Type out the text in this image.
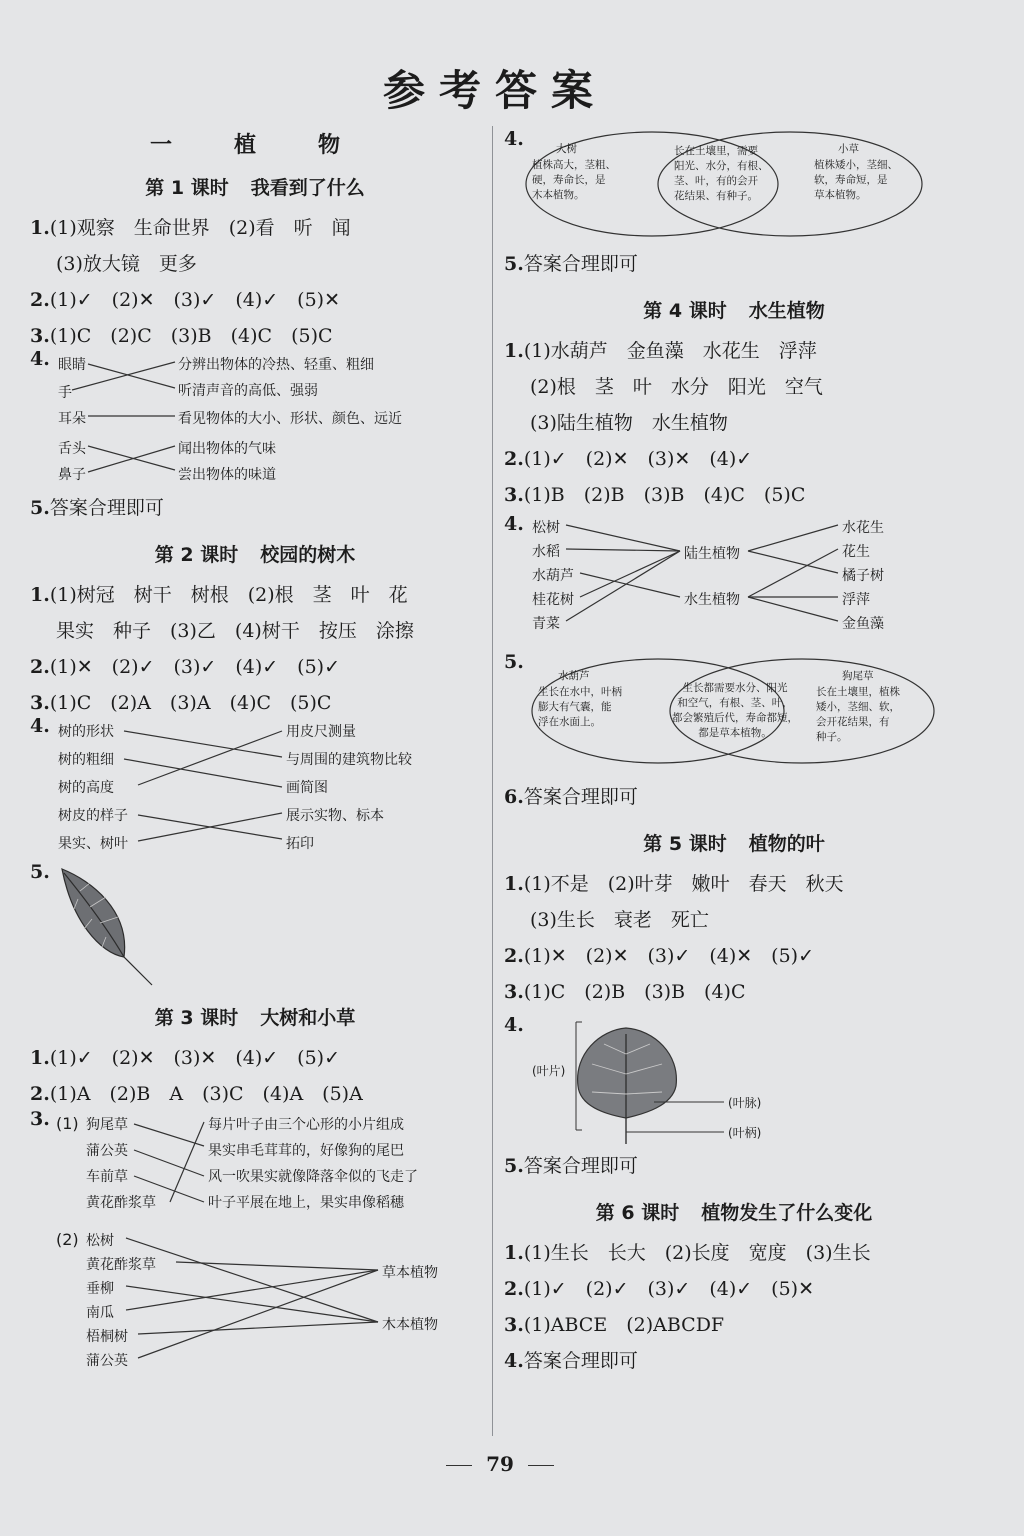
参考答案
一　植　物
第 1 课时 我看到了什么
1.(1)观察　生命世界　(2)看　听　闻
(3)放大镜　更多
2.(1)✓　(2)✕　(3)✓　(4)✓　(5)✕
3.(1)C　(2)C　(3)B　(4)C　(5)C
4. 眼睛
手
耳朵
舌头
鼻子
分辨出物体的冷热、轻重、粗细
听清声音的高低、强弱
看见物体的大小、形状、颜色、远近
闻出物体的气味
尝出物体的味道
5.答案合理即可
第 2 课时 校园的树木
1.(1)树冠　树干　树根　(2)根　茎　叶　花
果实　种子　(3)乙　(4)树干　按压　涂擦
2.(1)✕　(2)✓　(3)✓　(4)✓　(5)✓
3.(1)C　(2)A　(3)A　(4)C　(5)C
4. 树的形状
树的粗细
树的高度
树皮的样子
果实、树叶
用皮尺测量
与周围的建筑物比较
画简图
展示实物、标本
拓印
5.
第 3 课时 大树和小草
1.(1)✓　(2)✕　(3)✕　(4)✓　(5)✓
2.(1)A　(2)B　A　(3)C　(4)A　(5)A
3. (1) 狗尾草
蒲公英
车前草
黄花酢浆草
每片叶子由三个心形的小片组成
果实串毛茸茸的，好像狗的尾巴
风一吹果实就像降落伞似的飞走了
叶子平展在地上，果实串像稻穗
(2) 松树
黄花酢浆草
垂柳
南瓜
梧桐树
蒲公英
草本植物
木本植物
4.	大树
植株高大，茎粗、
硬，寿命长，是
木本植物。
长在土壤里，需要
阳光、水分，有根、
茎、叶，有的会开
花结果、有种子。
小草
植株矮小，茎细、
软，寿命短，是
草本植物。
5.答案合理即可
第 4 课时 水生植物
1.(1)水葫芦　金鱼藻　水花生　浮萍
(2)根　茎　叶　水分　阳光　空气
(3)陆生植物　水生植物
2.(1)✓　(2)✕　(3)✕　(4)✓
3.(1)B　(2)B　(3)B　(4)C　(5)C
4. 松树
水稻
水葫芦
桂花树
青菜
陆生植物
水生植物
水花生
花生
橘子树
浮萍
金鱼藻
5.
水葫芦
生长在水中，叶柄
膨大有气囊，能
浮在水面上。
生长都需要水分、阳光
和空气，有根、茎、叶，
都会繁殖后代，寿命都短，
都是草本植物。
狗尾草
长在土壤里，植株
矮小，茎细、软，
会开花结果，有
种子。
6.答案合理即可
第 5 课时 植物的叶
1.(1)不是　(2)叶芽　嫩叶　春天　秋天
(3)生长　衰老　死亡
2.(1)✕　(2)✕　(3)✓　(4)✕　(5)✓
3.(1)C　(2)B　(3)B　(4)C
4.
(叶片)
(叶脉)
(叶柄)
5.答案合理即可
第 6 课时 植物发生了什么变化
1.(1)生长　长大　(2)长度　宽度　(3)生长
2.(1)✓　(2)✓　(3)✓　(4)✓　(5)✕
3.(1)ABCE　(2)ABCDF
4.答案合理即可
79
